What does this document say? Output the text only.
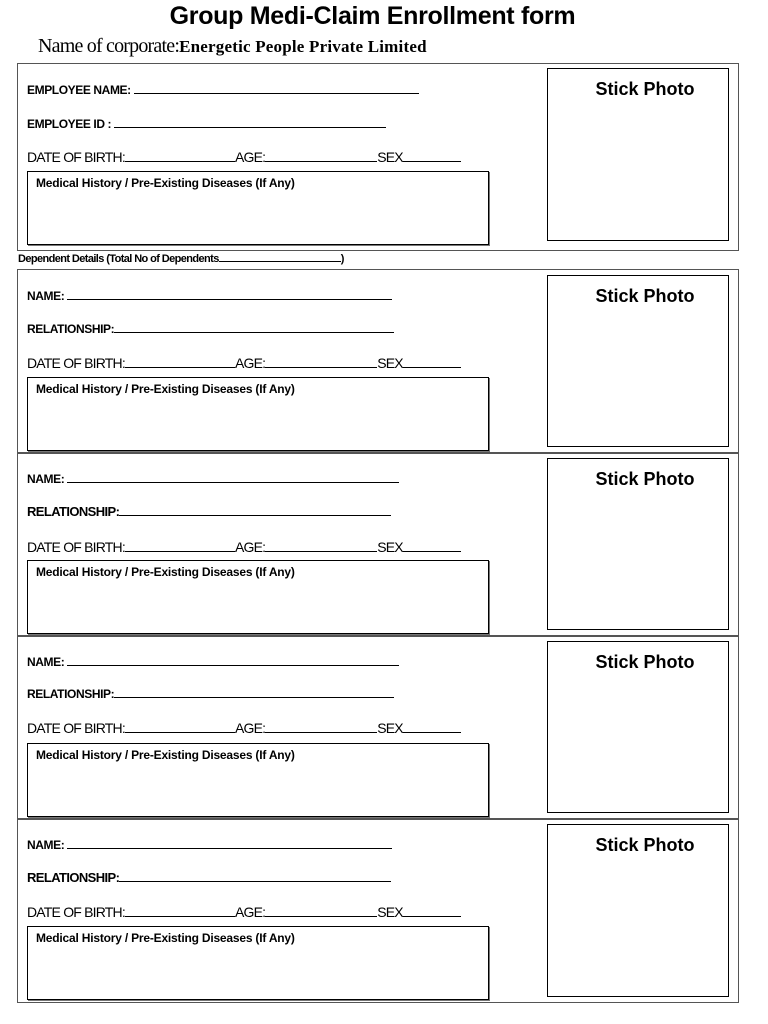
Group Medi-Claim Enrollment form
Name of corporate:Energetic People Private Limited
EMPLOYEE NAME:
EMPLOYEE ID :
DATE OF BIRTH:	AGE:	SEX
Medical History / Pre-Existing Diseases (If Any)
Stick Photo
Dependent Details (Total No of Dependents	)
NAME:
RELATIONSHIP:
DATE OF BIRTH:	AGE:	SEX
Medical History / Pre-Existing Diseases (If Any)
Stick Photo
NAME:
RELATIONSHIP:
DATE OF BIRTH:	AGE:	SEX
Medical History / Pre-Existing Diseases (If Any)
Stick Photo
NAME:
RELATIONSHIP:
DATE OF BIRTH:	AGE:	SEX
Medical History / Pre-Existing Diseases (If Any)
Stick Photo
NAME:
RELATIONSHIP:
DATE OF BIRTH:	AGE:	SEX
Medical History / Pre-Existing Diseases (If Any)
Stick Photo
